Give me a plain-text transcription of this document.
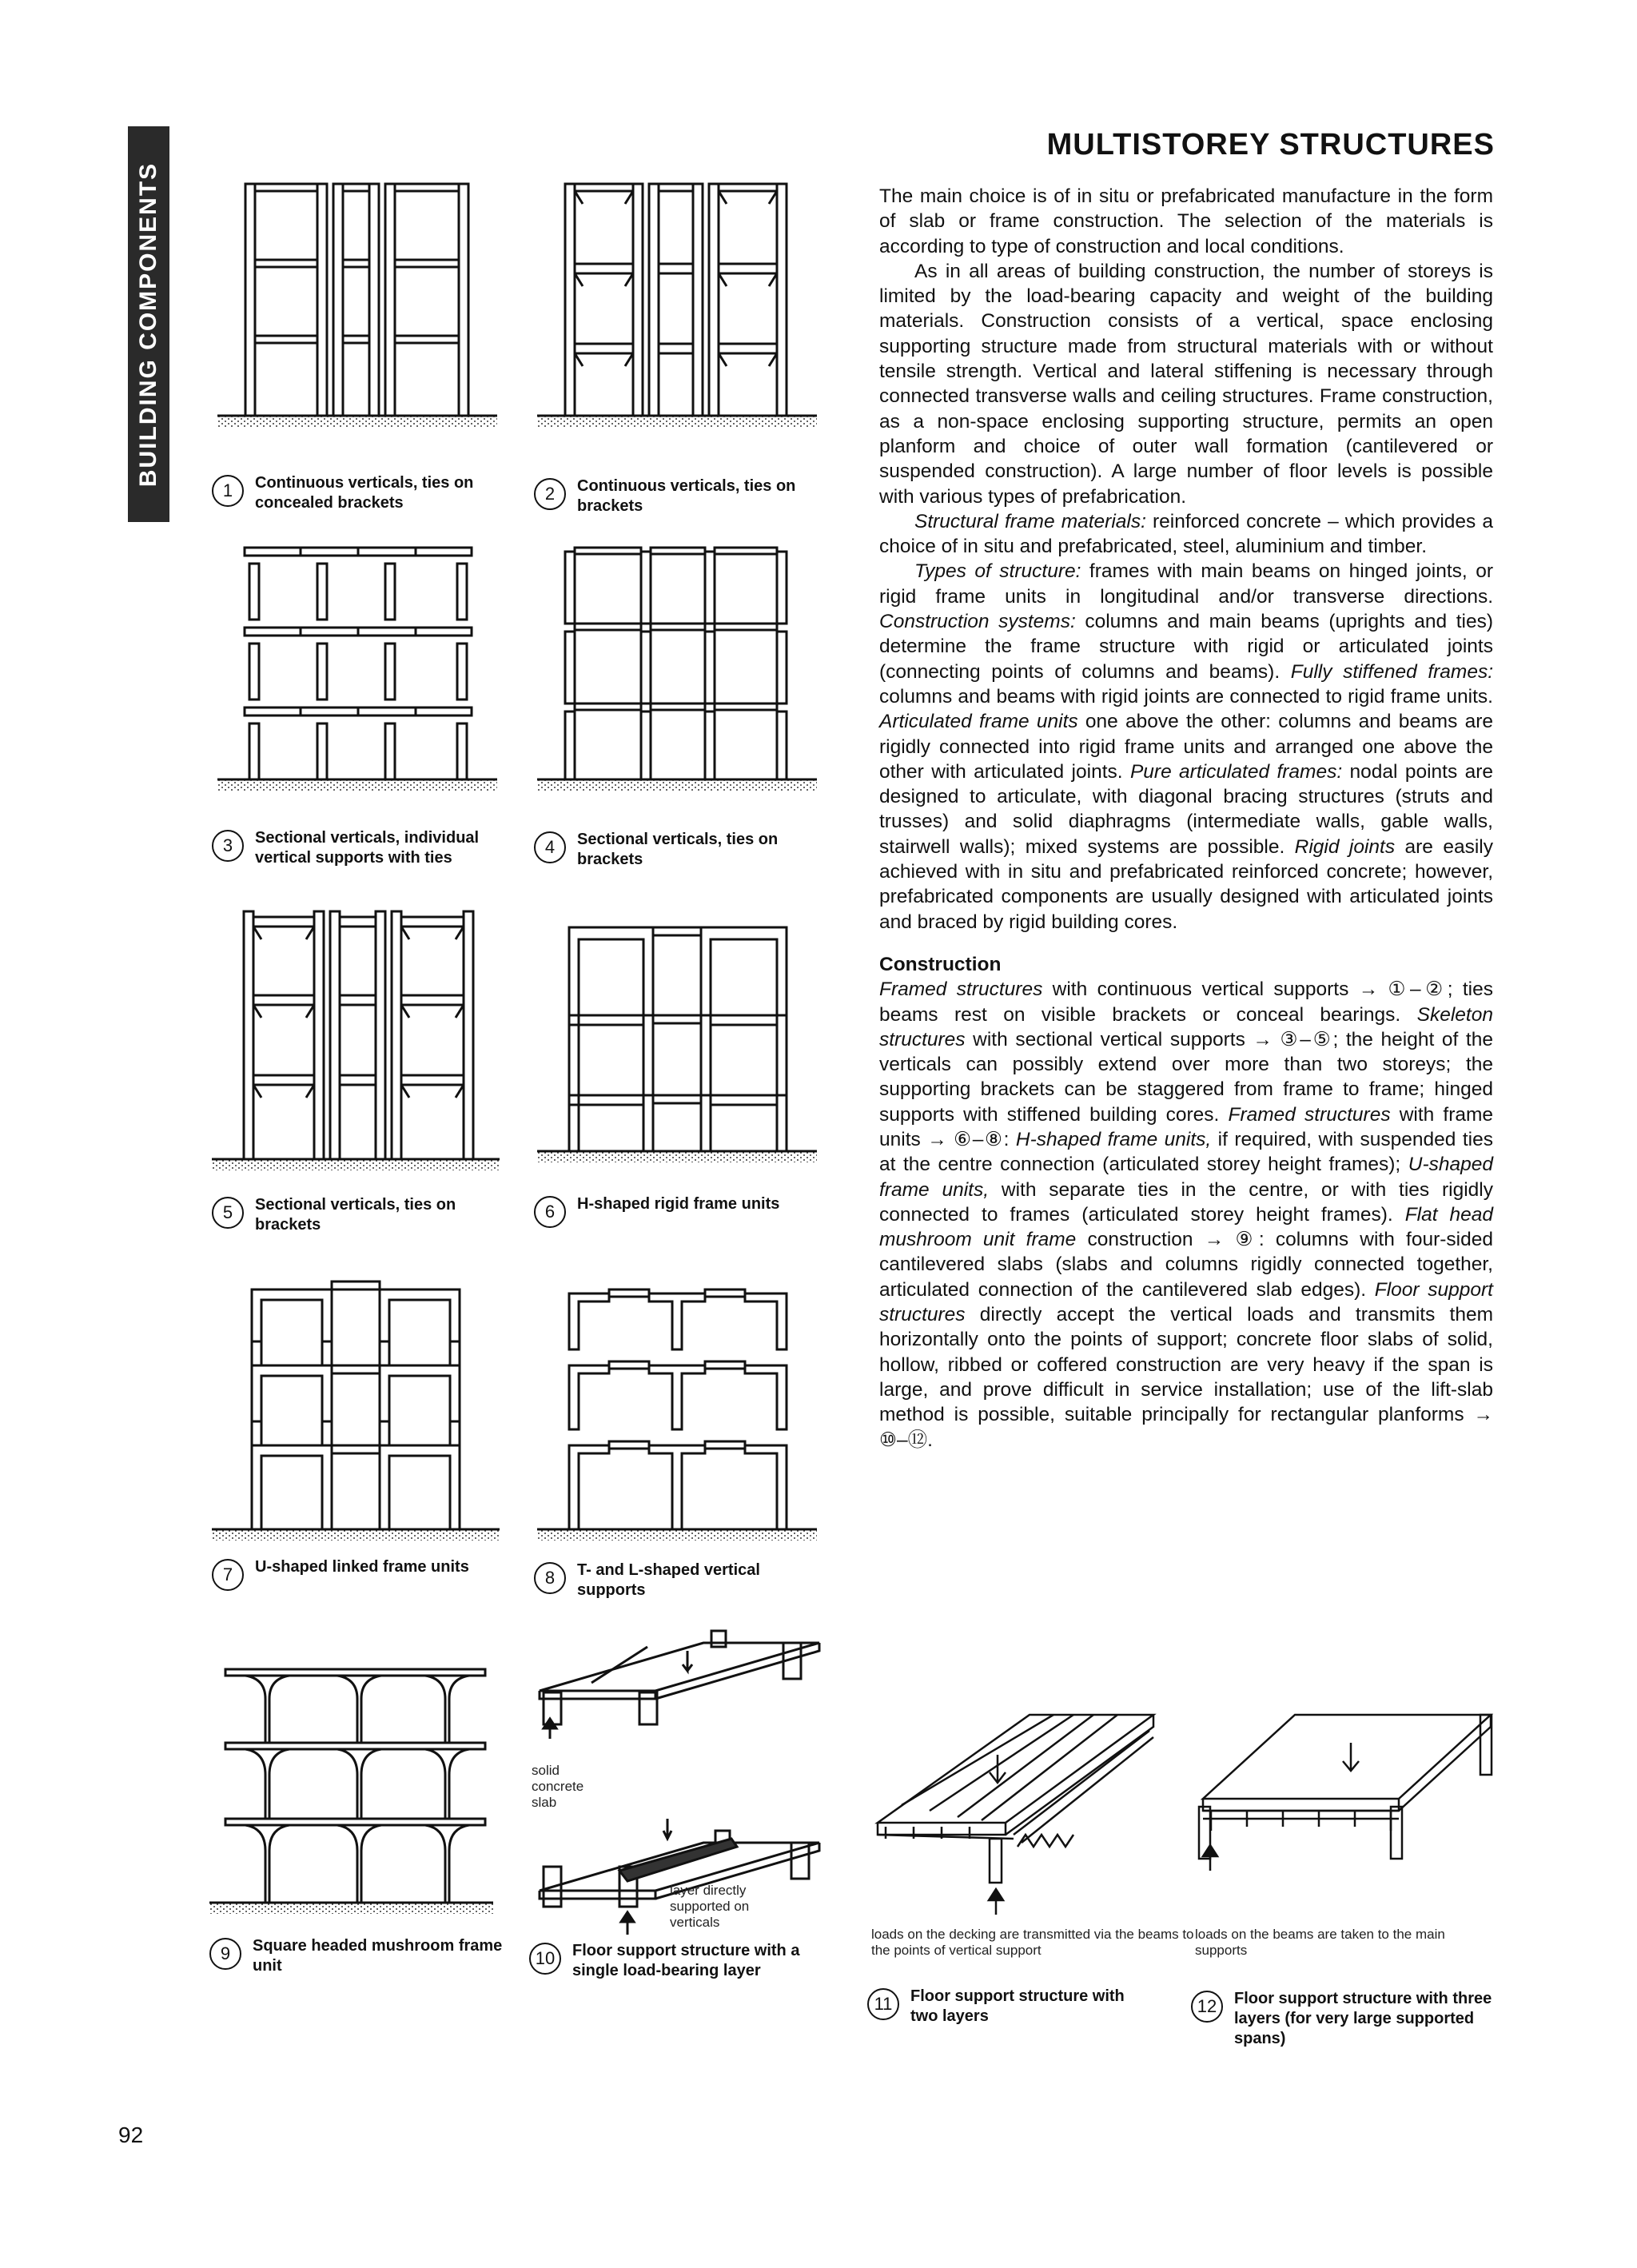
BUILDING COMPONENTS
MULTISTOREY STRUCTURES

The main choice is of in situ or prefabricated manufacture in the form of slab or frame construction. The selection of the materials is according to type of construction and local conditions.

As in all areas of building construction, the number of storeys is limited by the load-bearing capacity and weight of the building materials. Construction consists of a vertical, space enclosing supporting structure made from structural materials with or without tensile strength. Vertical and lateral stiffening is necessary through connected transverse walls and ceiling structures. Frame construction, as a non-space enclosing supporting structure, permits an open planform and choice of outer wall formation (cantilevered or suspended construction). A large number of floor levels is possible with various types of prefabrication.

Structural frame materials: reinforced concrete – which provides a choice of in situ and prefabricated, steel, aluminium and timber.

Types of structure: frames with main beams on hinged joints, or rigid frame units in longitudinal and/or transverse directions. Construction systems: columns and main beams (uprights and ties) determine the frame structure with rigid or articulated joints (connecting points of columns and beams). Fully stiffened frames: columns and beams with rigid joints are connected to rigid frame units. Articulated frame units one above the other: columns and beams are rigidly connected into rigid frame units and arranged one above the other with articulated joints. Pure articulated frames: nodal points are designed to articulate, with diagonal bracing structures (struts and trusses) and solid diaphragms (intermediate walls, gable walls, stairwell walls); mixed systems are possible. Rigid joints are easily achieved with in situ and prefabricated reinforced concrete; however, prefabricated components are usually designed with articulated joints and braced by rigid building cores.

Construction

Framed structures with continuous vertical supports → ①–②; ties beams rest on visible brackets or conceal bearings. Skeleton structures with sectional vertical supports → ③–⑤; the height of the verticals can possibly extend over more than two storeys; the supporting brackets can be staggered from frame to frame; hinged supports with stiffened building cores. Framed structures with frame units → ⑥–⑧: H-shaped frame units, if required, with suspended ties at the centre connection (articulated storey height frames); U-shaped frame units, with separate ties in the centre, or with ties rigidly connected to frames (articulated storey height frames). Flat head mushroom unit frame construction → ⑨: columns with four-sided cantilevered slabs (slabs and columns rigidly connected together, articulated connection of the cantilevered slab edges). Floor support structures directly accept the vertical loads and transmits them horizontally onto the points of support; concrete floor slabs of solid, hollow, ribbed or coffered construction are very heavy if the span is large, and prove difficult in service installation; use of the lift-slab method is possible, suitable principally for rectangular planforms → ⑩–⑫.

1	Continuous verticals, ties on concealed brackets	2	Continuous verticals, ties on brackets
3	Sectional verticals, individual vertical supports with ties
4	Sectional verticals, ties on brackets
5	Sectional verticals, ties on brackets
6	H-shaped rigid frame units
7	U-shaped linked frame units
8	T- and L-shaped vertical supports
9	Square headed mushroom frame unit
solid concrete slab
layer directly supported on verticals
10	Floor support structure with a single load-bearing layer
loads on the decking are transmitted via the beams to the points of vertical support
11	Floor support structure with two layers
loads on the beams are taken to the main supports
12	Floor support structure with three layers (for very large supported spans)
92
